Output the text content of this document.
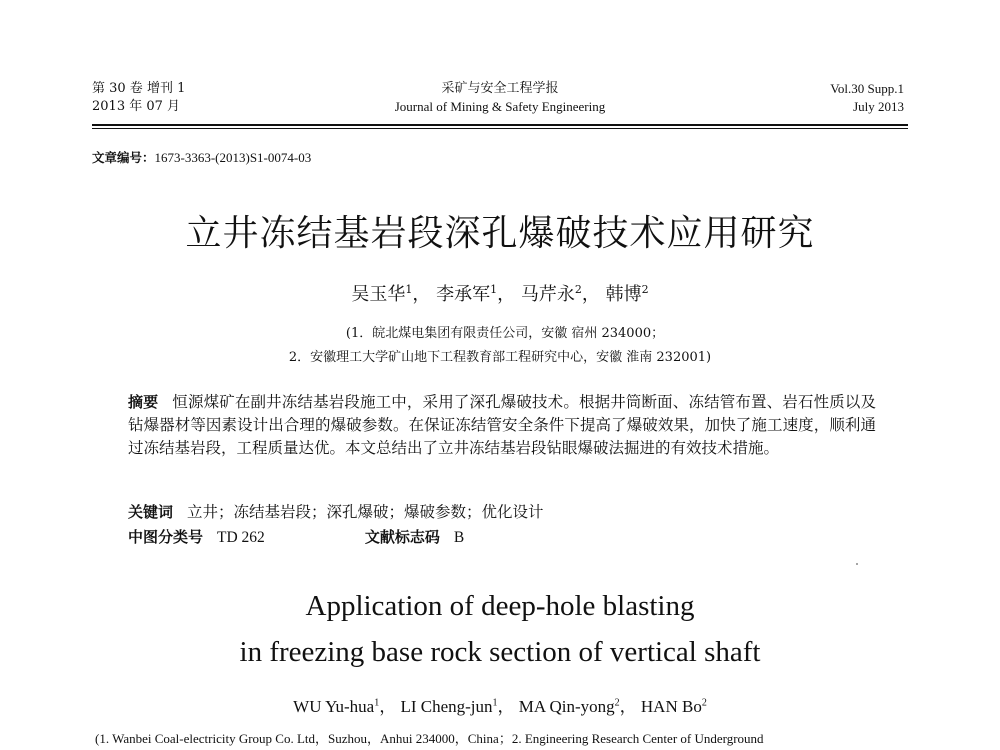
第 30 卷 增刊 1
2013 年 07 月
采矿与安全工程学报
Journal of Mining & Safety Engineering
Vol.30 Supp.1
July 2013
文章编号：1673-3363-(2013)S1-0074-03
立井冻结基岩段深孔爆破技术应用研究
吴玉华$^1$， 李承军$^1$， 马芹永$^2$， 韩博$^2$
(1．皖北煤电集团有限责任公司，安徽 宿州 234000；
2．安徽理工大学矿山地下工程教育部工程研究中心，安徽 淮南 232001)
摘要 恒源煤矿在副井冻结基岩段施工中，采用了深孔爆破技术。根据井筒断面、冻结管布置、岩石性质以及钻爆器材等因素设计出合理的爆破参数。在保证冻结管安全条件下提高了爆破效果，加快了施工速度，顺利通过冻结基岩段，工程质量达优。本文总结出了立井冻结基岩段钻眼爆破法掘进的有效技术措施。
关键词 立井；冻结基岩段；深孔爆破；爆破参数；优化设计
中图分类号 TD 262	文献标志码 B
Application of deep-hole blasting
in freezing base rock section of vertical shaft
WU Yu-hua$^1$， LI Cheng-jun$^1$， MA Qin-yong$^2$， HAN Bo$^2$
(1. Wanbei Coal-electricity Group Co. Ltd，Suzhou，Anhui 234000，China；2. Engineering Research Center of Underground
